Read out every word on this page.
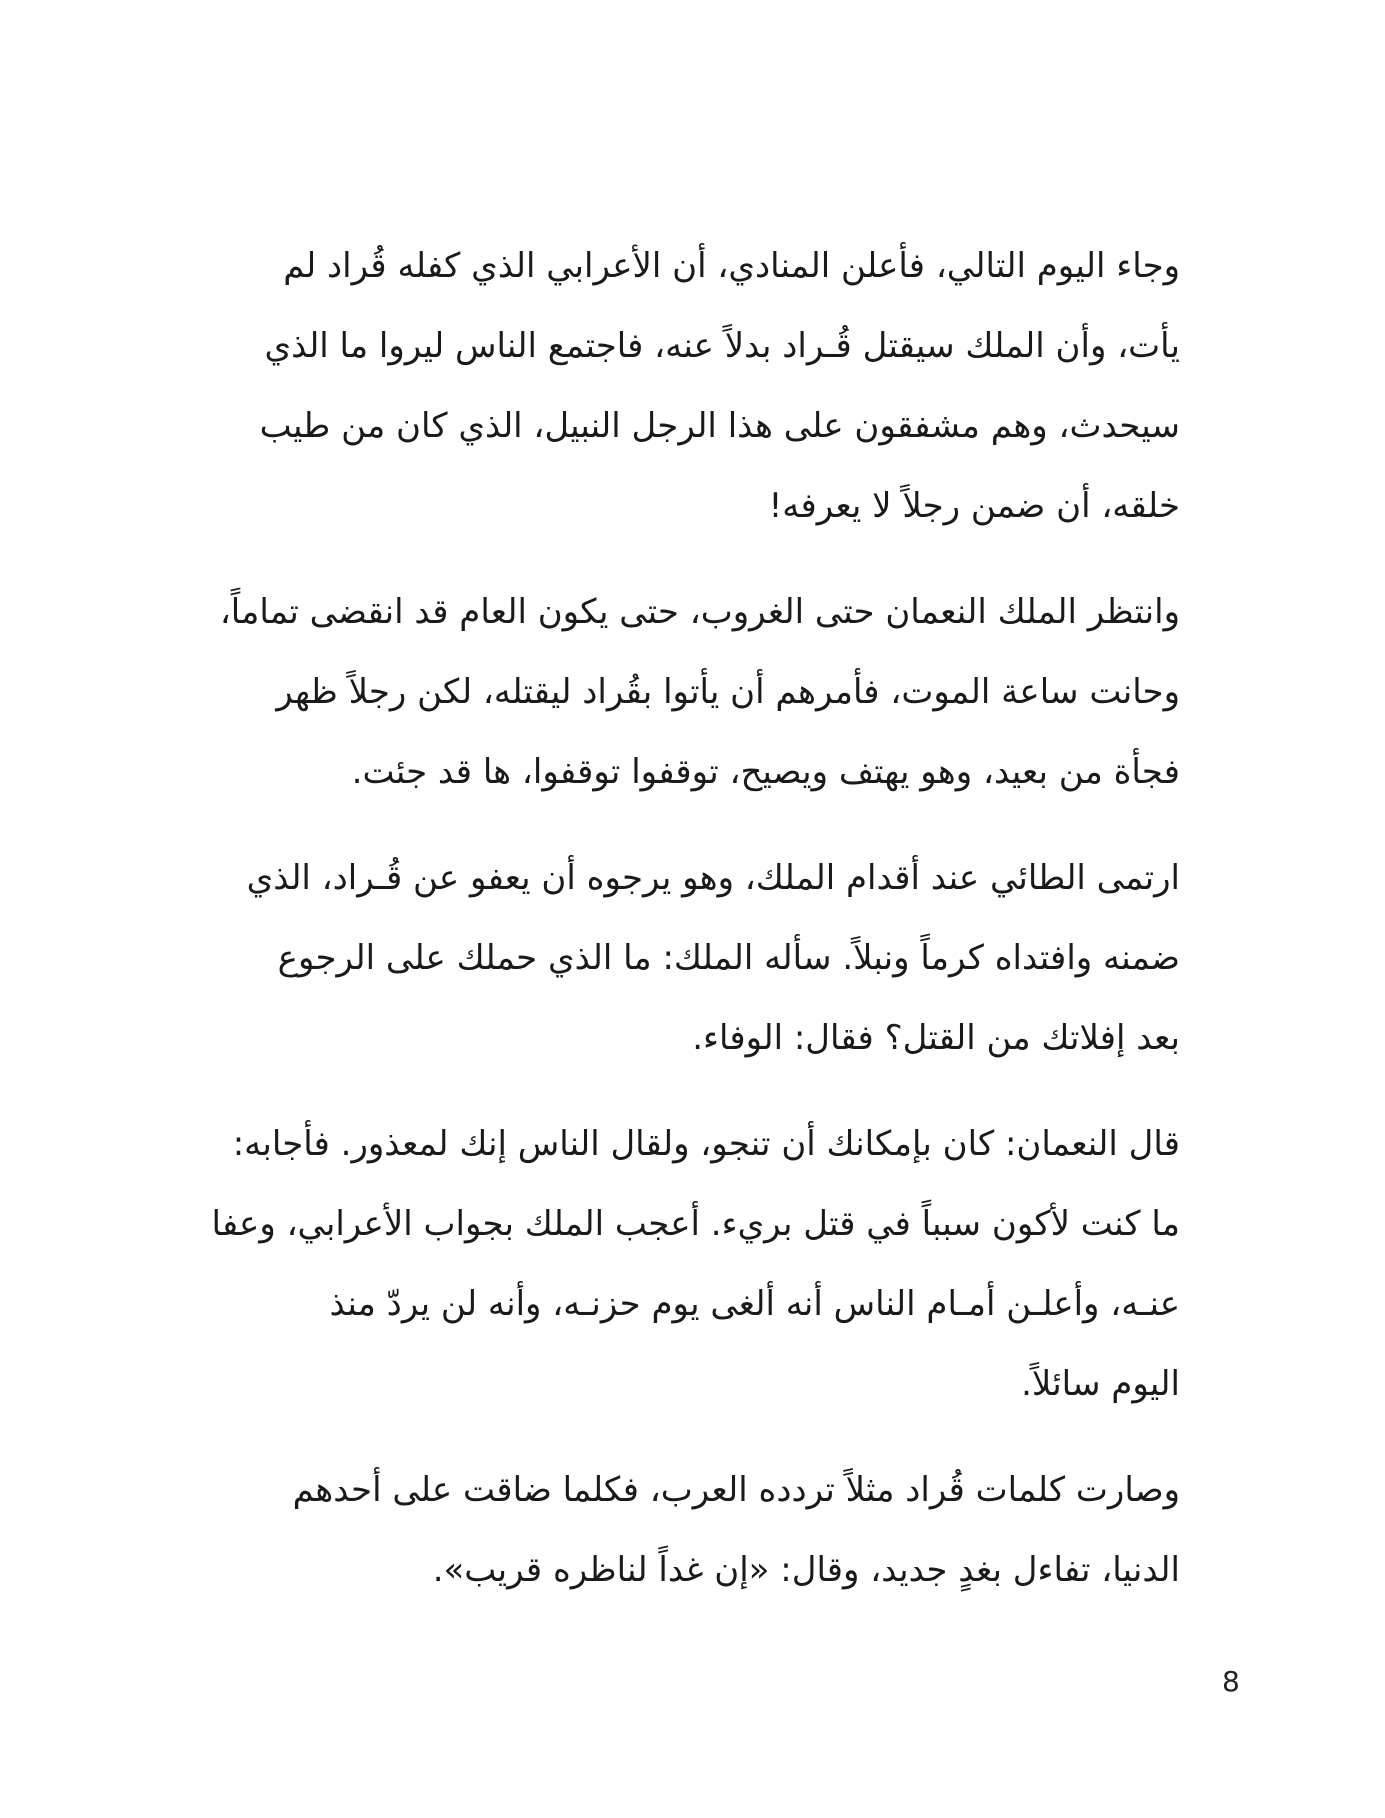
وجاء اليوم التالي، فأعلن المنادي، أن الأعرابي الذي كفله قُراد لم
يأت، وأن الملك سيقتل قُـراد بدلاً عنه، فاجتمع الناس ليروا ما الذي
سيحدث، وهم مشفقون على هذا الرجل النبيل، الذي كان من طيب
خلقه، أن ضمن رجلاً لا يعرفه!

وانتظر الملك النعمان حتى الغروب، حتى يكون العام قد انقضى تماماً،
وحانت ساعة الموت، فأمرهم أن يأتوا بقُراد ليقتله، لكن رجلاً ظهر
فجأة من بعيد، وهو يهتف ويصيح، توقفوا توقفوا، ها قد جئت.

ارتمى الطائي عند أقدام الملك، وهو يرجوه أن يعفو عن قُـراد، الذي
ضمنه وافتداه كرماً ونبلاً. سأله الملك: ما الذي حملك على الرجوع
بعد إفلاتك من القتل؟ فقال: الوفاء.

قال النعمان: كان بإمكانك أن تنجو، ولقال الناس إنك لمعذور. فأجابه:
ما كنت لأكون سبباً في قتل بريء. أعجب الملك بجواب الأعرابي، وعفا
عنـه، وأعلـن أمـام الناس أنه ألغى يوم حزنـه، وأنه لن يردّ منذ
اليوم سائلاً.

وصارت كلمات قُراد مثلاً تردده العرب، فكلما ضاقت على أحدهم
الدنيا، تفاءل بغدٍ جديد، وقال: «إن غداً لناظره قريب».

8
